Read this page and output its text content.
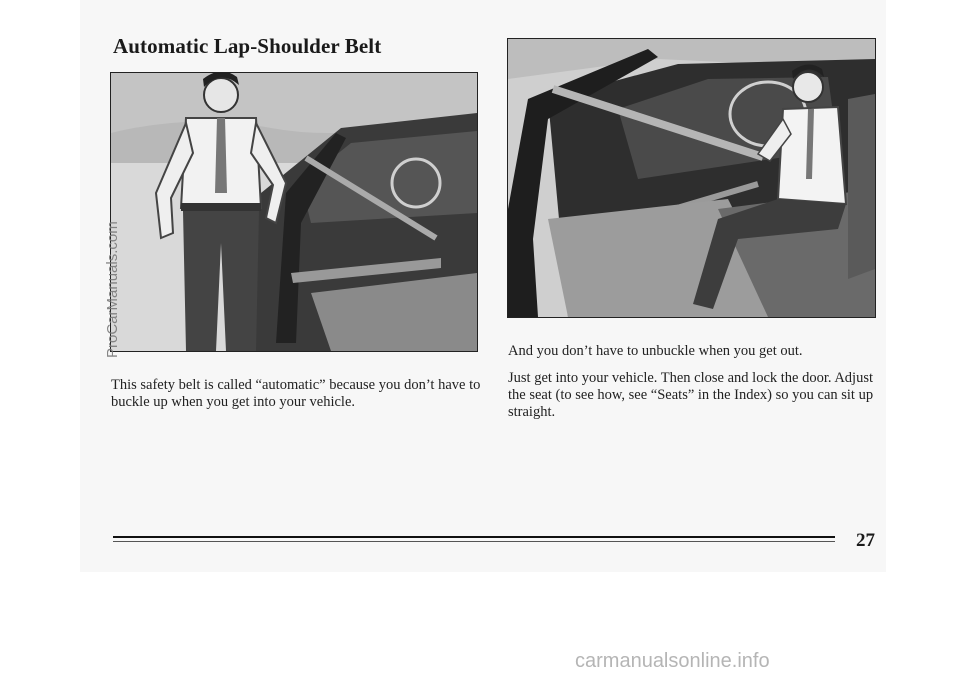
Automatic Lap-Shoulder Belt
This safety belt is called “automatic” because you don’t have to buckle up when you get into your vehicle.
And you don’t have to unbuckle when you get out.
Just get into your vehicle. Then close and lock the door. Adjust the seat (to see how, see “Seats” in the Index) so you can sit up straight.
27
ProCarManuals.com
carmanualsonline.info
